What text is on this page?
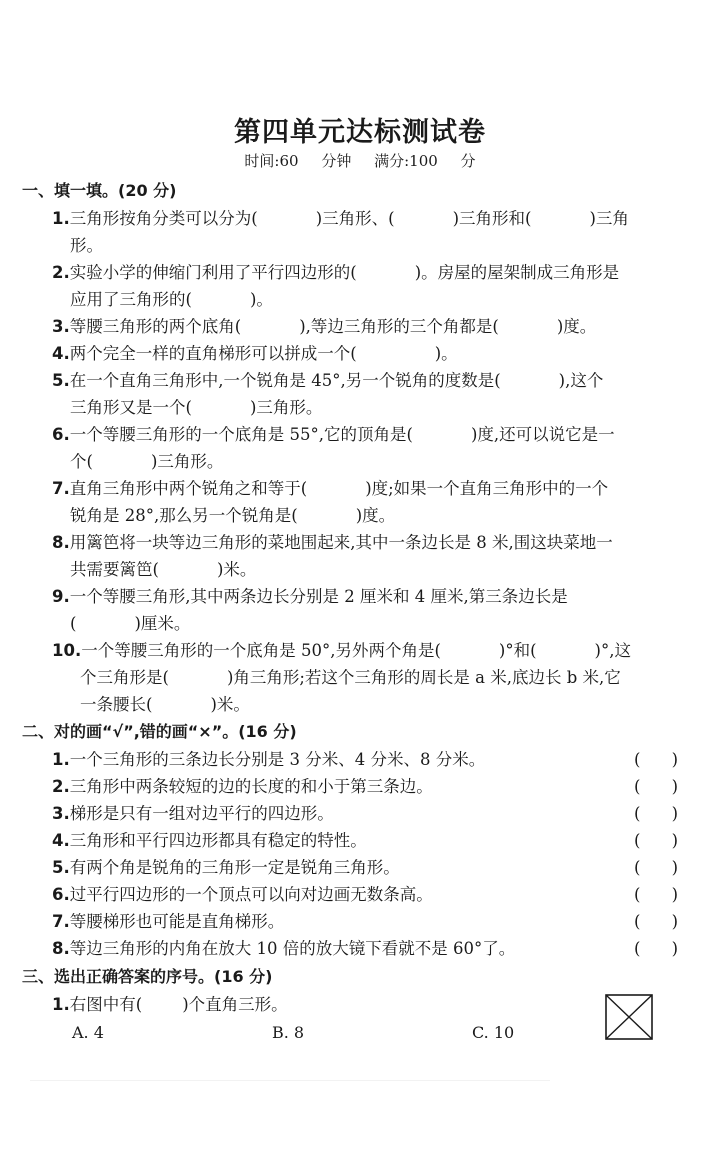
第四单元达标测试卷
时间:60 分钟 满分:100 分
一、填一填。(20 分)
1.三角形按角分类可以分为(	)三角形、(	)三角形和(	)三角
形。
2.实验小学的伸缩门利用了平行四边形的(	)。房屋的屋架制成三角形是
应用了三角形的(	)。
3.等腰三角形的两个底角(	),等边三角形的三个角都是(	)度。
4.两个完全一样的直角梯形可以拼成一个(	)。
5.在一个直角三角形中,一个锐角是 45°,另一个锐角的度数是(	),这个
三角形又是一个(	)三角形。
6.一个等腰三角形的一个底角是 55°,它的顶角是(	)度,还可以说它是一
个(	)三角形。
7.直角三角形中两个锐角之和等于(	)度;如果一个直角三角形中的一个
锐角是 28°,那么另一个锐角是(	)度。
8.用篱笆将一块等边三角形的菜地围起来,其中一条边长是 8 米,围这块菜地一
共需要篱笆(	)米。
9.一个等腰三角形,其中两条边长分别是 2 厘米和 4 厘米,第三条边长是
(	)厘米。
10.一个等腰三角形的一个底角是 50°,另外两个角是(	)°和(	)°,这
个三角形是(	)角三角形;若这个三角形的周长是 a 米,底边长 b 米,它
一条腰长(	)米。
二、对的画“√”,错的画“×”。(16 分)
1.一个三角形的三条边长分别是 3 分米、4 分米、8 分米。	( )
2.三角形中两条较短的边的长度的和小于第三条边。	( )
3.梯形是只有一组对边平行的四边形。	( )
4.三角形和平行四边形都具有稳定的特性。	( )
5.有两个角是锐角的三角形一定是锐角三角形。	( )
6.过平行四边形的一个顶点可以向对边画无数条高。	( )
7.等腰梯形也可能是直角梯形。	( )
8.等边三角形的内角在放大 10 倍的放大镜下看就不是 60°了。	( )
三、选出正确答案的序号。(16 分)
1.右图中有( )个直角三形。
A. 4	B. 8	C. 10
